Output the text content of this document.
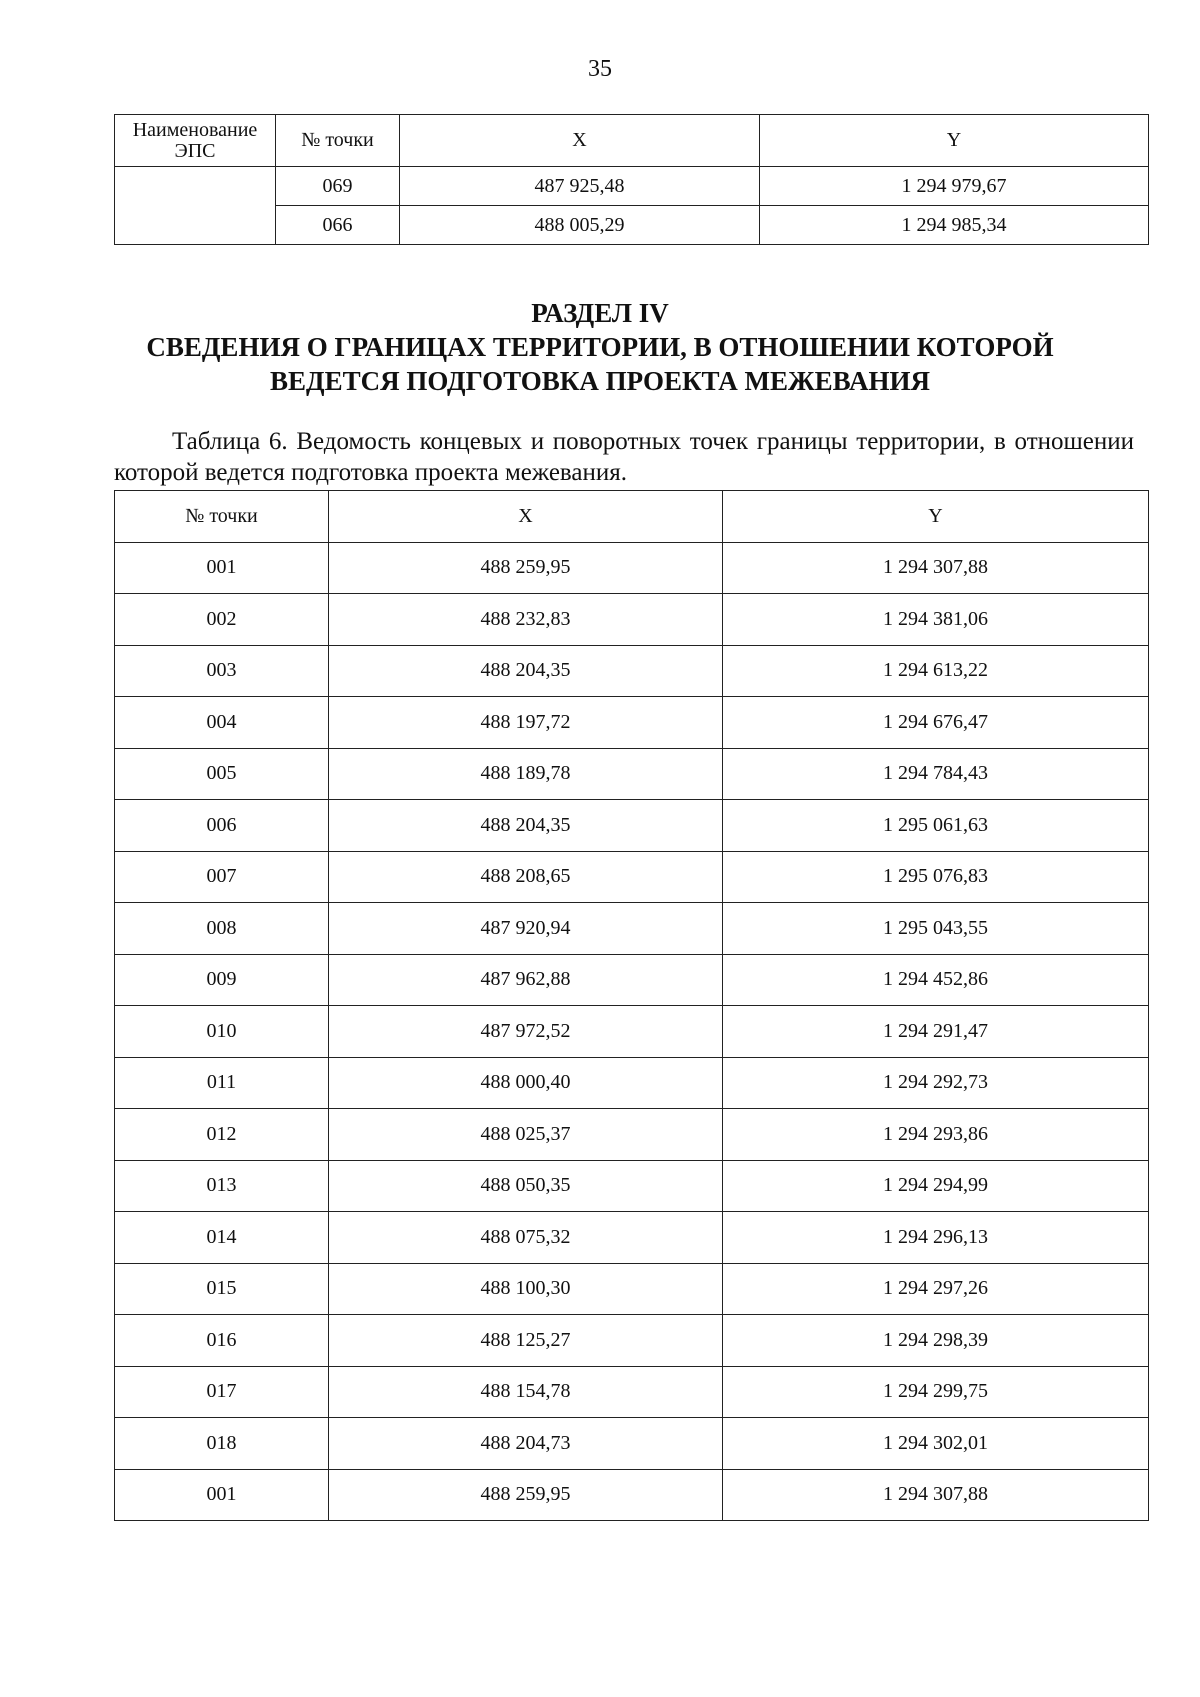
35
Наименование
ЭПС	№ точки	X	Y
	069	487 925,48	1 294 979,67
	066	488 005,29	1 294 985,34
РАЗДЕЛ IV
СВЕДЕНИЯ О ГРАНИЦАХ ТЕРРИТОРИИ, В ОТНОШЕНИИ КОТОРОЙ
ВЕДЕТСЯ ПОДГОТОВКА ПРОЕКТА МЕЖЕВАНИЯ
Таблица 6. Ведомость концевых и поворотных точек границы территории, в отношении которой ведется подготовка проекта межевания.
№ точки	X	Y
001	488 259,95	1 294 307,88
002	488 232,83	1 294 381,06
003	488 204,35	1 294 613,22
004	488 197,72	1 294 676,47
005	488 189,78	1 294 784,43
006	488 204,35	1 295 061,63
007	488 208,65	1 295 076,83
008	487 920,94	1 295 043,55
009	487 962,88	1 294 452,86
010	487 972,52	1 294 291,47
011	488 000,40	1 294 292,73
012	488 025,37	1 294 293,86
013	488 050,35	1 294 294,99
014	488 075,32	1 294 296,13
015	488 100,30	1 294 297,26
016	488 125,27	1 294 298,39
017	488 154,78	1 294 299,75
018	488 204,73	1 294 302,01
001	488 259,95	1 294 307,88
